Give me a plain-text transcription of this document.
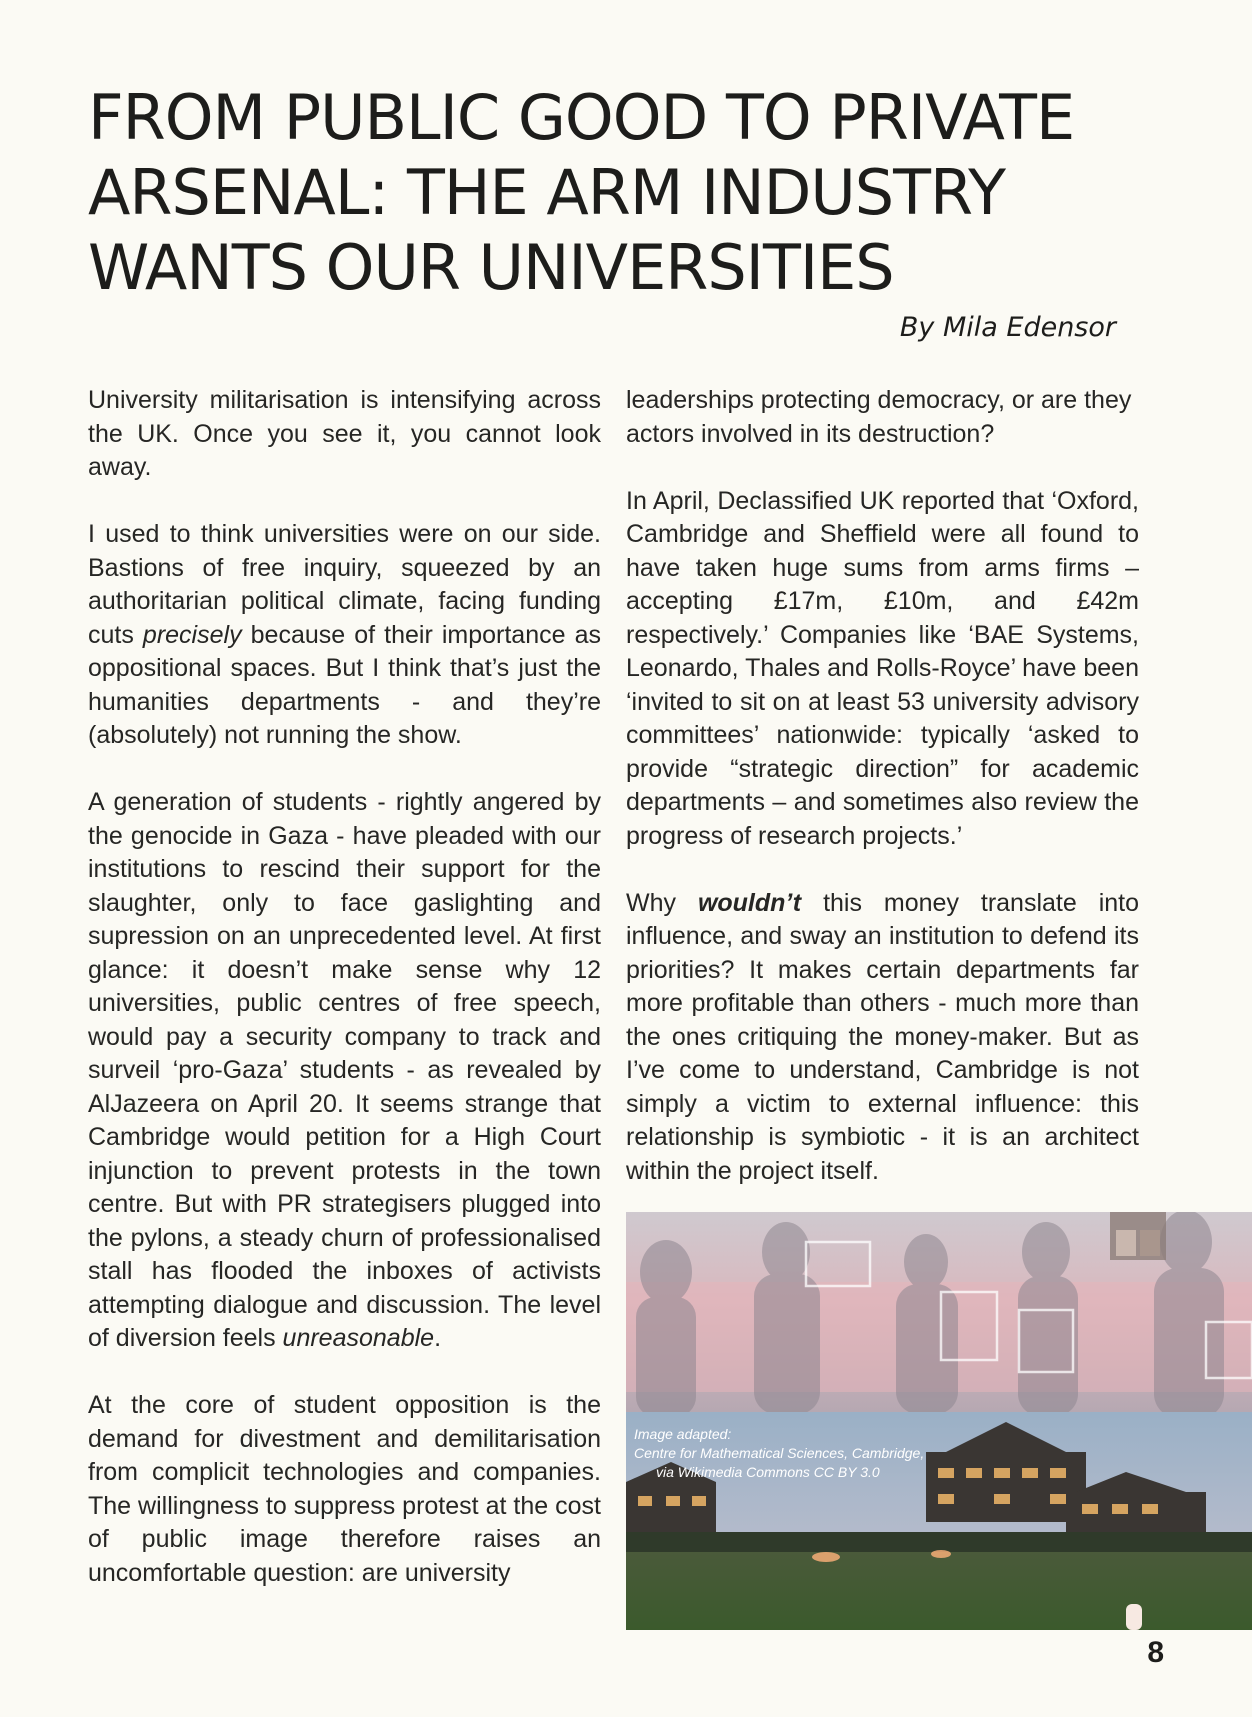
FROM PUBLIC GOOD TO PRIVATE
ARSENAL: THE ARM INDUSTRY
WANTS OUR UNIVERSITIES
By Mila Edensor

University militarisation is intensifying across the UK. Once you see it, you cannot look away.

I used to think universities were on our side. Bastions of free inquiry, squeezed by an authoritarian political climate, facing funding cuts precisely because of their importance as oppositional spaces. But I think that’s just the humanities departments - and they’re (absolutely) not running the show.

A generation of students - rightly angered by the genocide in Gaza - have pleaded with our institutions to rescind their support for the slaughter, only to face gaslighting and supression on an unprecedented level. At first glance: it doesn’t make sense why 12 universities, public centres of free speech, would pay a security company to track and surveil ‘pro-Gaza’ students - as revealed by AlJazeera on April 20. It seems strange that Cambridge would petition for a High Court injunction to prevent protests in the town centre. But with PR strategisers plugged into the pylons, a steady churn of professionalised stall has flooded the inboxes of activists attempting dialogue and discussion. The level of diversion feels unreasonable.

At the core of student opposition is the demand for divestment and demilitarisation from complicit technologies and companies. The willingness to suppress protest at the cost of public image therefore raises an uncomfortable question: are university

leaderships protecting democracy, or are they actors involved in its destruction?

In April, Declassified UK reported that ‘Oxford, Cambridge and Sheffield were all found to have taken huge sums from arms firms – accepting £17m, £10m, and £42m respectively.’ Companies like ‘BAE Systems, Leonardo, Thales and Rolls-Royce’ have been ‘invited to sit on at least 53 university advisory committees’ nationwide: typically ‘asked to provide “strategic direction” for academic departments – and sometimes also review the progress of research projects.’

Why wouldn’t this money translate into influence, and sway an institution to defend its priorities? It makes certain departments far more profitable than others - much more than the ones critiquing the money-maker. But as I’ve come to understand, Cambridge is not simply a victim to external influence: this relationship is symbiotic - it is an architect within the project itself.

Image adapted:
Centre for Mathematical Sciences, Cambridge,
via Wikimedia Commons CC BY 3.0
8
